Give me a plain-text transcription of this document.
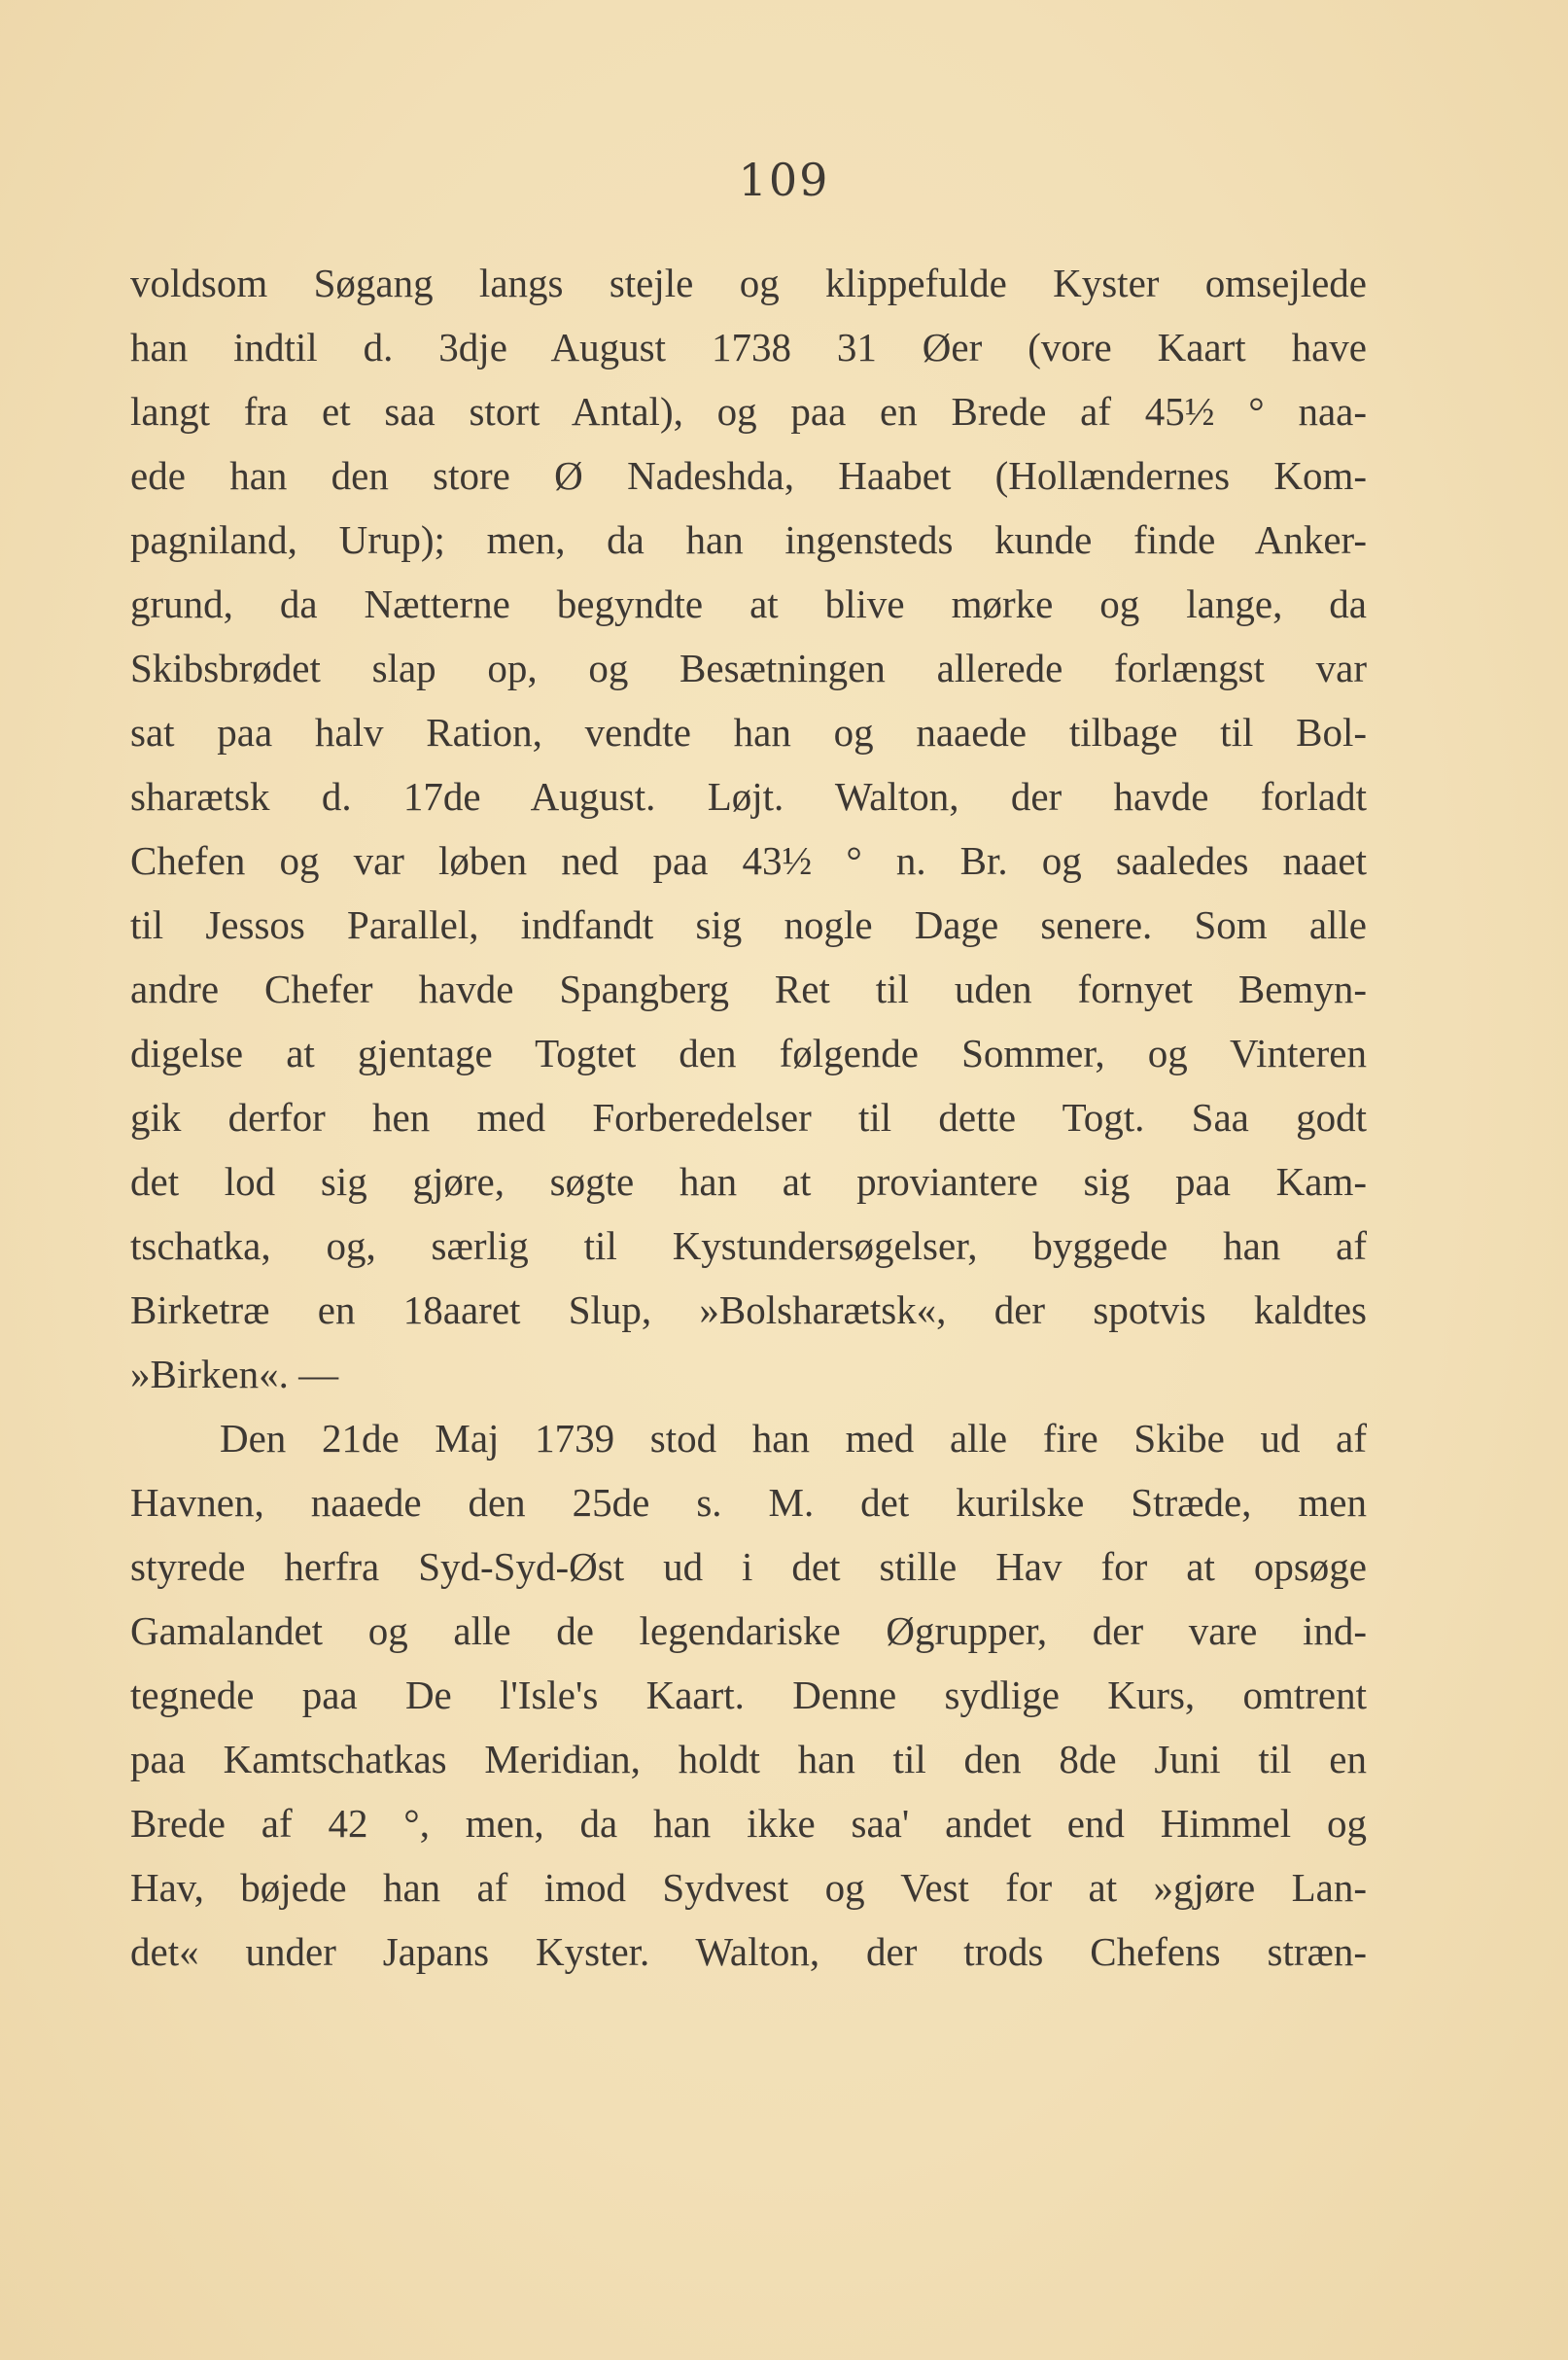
109
voldsom Søgang langs stejle og klippefulde Kyster omsejlede
han indtil d. 3dje August 1738 31 Øer (vore Kaart have
langt fra et saa stort Antal), og paa en Brede af 45½ ° naa-
ede han den store Ø Nadeshda, Haabet (Hollændernes Kom-
pagniland, Urup); men, da han ingensteds kunde finde Anker-
grund, da Nætterne begyndte at blive mørke og lange, da
Skibsbrødet slap op, og Besætningen allerede forlængst var
sat paa halv Ration, vendte han og naaede tilbage til Bol-
sharætsk d. 17de August. Løjt. Walton, der havde forladt
Chefen og var løben ned paa 43½ ° n. Br. og saaledes naaet
til Jessos Parallel, indfandt sig nogle Dage senere. Som alle
andre Chefer havde Spangberg Ret til uden fornyet Bemyn-
digelse at gjentage Togtet den følgende Sommer, og Vinteren
gik derfor hen med Forberedelser til dette Togt. Saa godt
det lod sig gjøre, søgte han at proviantere sig paa Kam-
tschatka, og, særlig til Kystundersøgelser, byggede han af
Birketræ en 18aaret Slup, »Bolsharætsk«, der spotvis kaldtes
»Birken«. —
Den 21de Maj 1739 stod han med alle fire Skibe ud af
Havnen, naaede den 25de s. M. det kurilske Stræde, men
styrede herfra Syd-Syd-Øst ud i det stille Hav for at opsøge
Gamalandet og alle de legendariske Øgrupper, der vare ind-
tegnede paa De l'Isle's Kaart. Denne sydlige Kurs, omtrent
paa Kamtschatkas Meridian, holdt han til den 8de Juni til en
Brede af 42 °, men, da han ikke saa' andet end Himmel og
Hav, bøjede han af imod Sydvest og Vest for at »gjøre Lan-
det« under Japans Kyster. Walton, der trods Chefens stræn-
